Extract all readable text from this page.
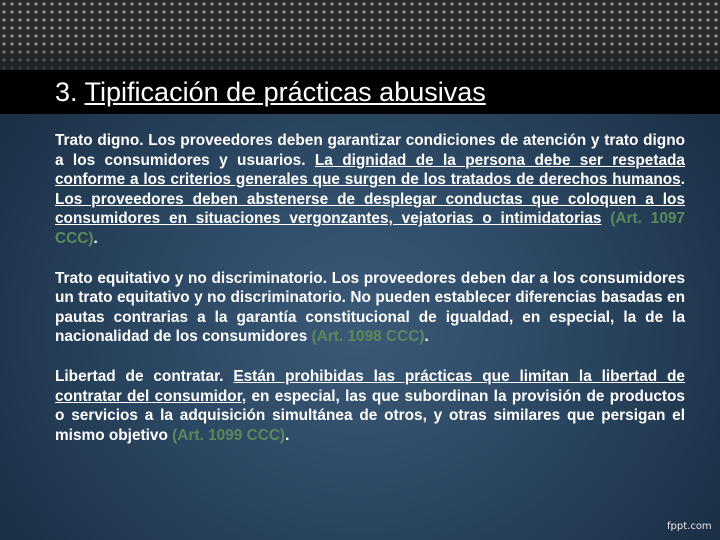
3. Tipificación de prácticas abusivas

Trato digno. Los proveedores deben garantizar condiciones de atención y trato digno a los consumidores y usuarios. La dignidad de la persona debe ser respetada conforme a los criterios generales que surgen de los tratados de derechos humanos. Los proveedores deben abstenerse de desplegar conductas que coloquen a los consumidores en situaciones vergonzantes, vejatorias o intimidatorias (Art. 1097 CCC).

Trato equitativo y no discriminatorio. Los proveedores deben dar a los consumidores un trato equitativo y no discriminatorio. No pueden establecer diferencias basadas en pautas contrarias a la garantía constitucional de igualdad, en especial, la de la nacionalidad de los consumidores (Art. 1098 CCC).

Libertad de contratar. Están prohibidas las prácticas que limitan la libertad de contratar del consumidor, en especial, las que subordinan la provisión de productos o servicios a la adquisición simultánea de otros, y otras similares que persigan el mismo objetivo (Art. 1099 CCC).

fppt.com
